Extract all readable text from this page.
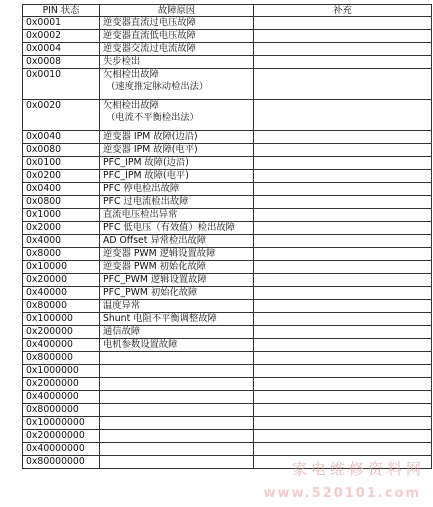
PIN 状态	故障原因	补充
0x0001	逆变器直流过电压故障	
0x0002	逆变器直流低电压故障	
0x0004	逆变器交流过电流故障	
0x0008	失步检出	
0x0010	欠相检出故障
（速度推定脉动检出法）	

0x0020	欠相检出故障
（电流不平衡检出法）	

0x0040	逆变器 IPM 故障(边沿)	
0x0080	逆变器 IPM 故障(电平)	
0x0100	PFC_IPM 故障(边沿)	
0x0200	PFC_IPM 故障(电平)	
0x0400	PFC 停电检出故障	
0x0800	PFC 过电流检出故障	
0x1000	直流电压检出异常	
0x2000	PFC 低电压（有效值）检出故障	
0x4000	AD Offset 异常检出故障	
0x8000	逆变器 PWM 逻辑设置故障	
0x10000	逆变器 PWM 初始化故障	
0x20000	PFC_PWM 逻辑设置故障	
0x40000	PFC_PWM 初始化故障	
0x80000	温度异常	
0x100000	Shunt 电阻不平衡调整故障	
0x200000	通信故障	
0x400000	电机参数设置故障	
0x800000		
0x1000000		
0x2000000		
0x4000000		
0x8000000		
0x10000000		
0x20000000		
0x40000000		
0x80000000			家电维修资料网
www.520101.com
